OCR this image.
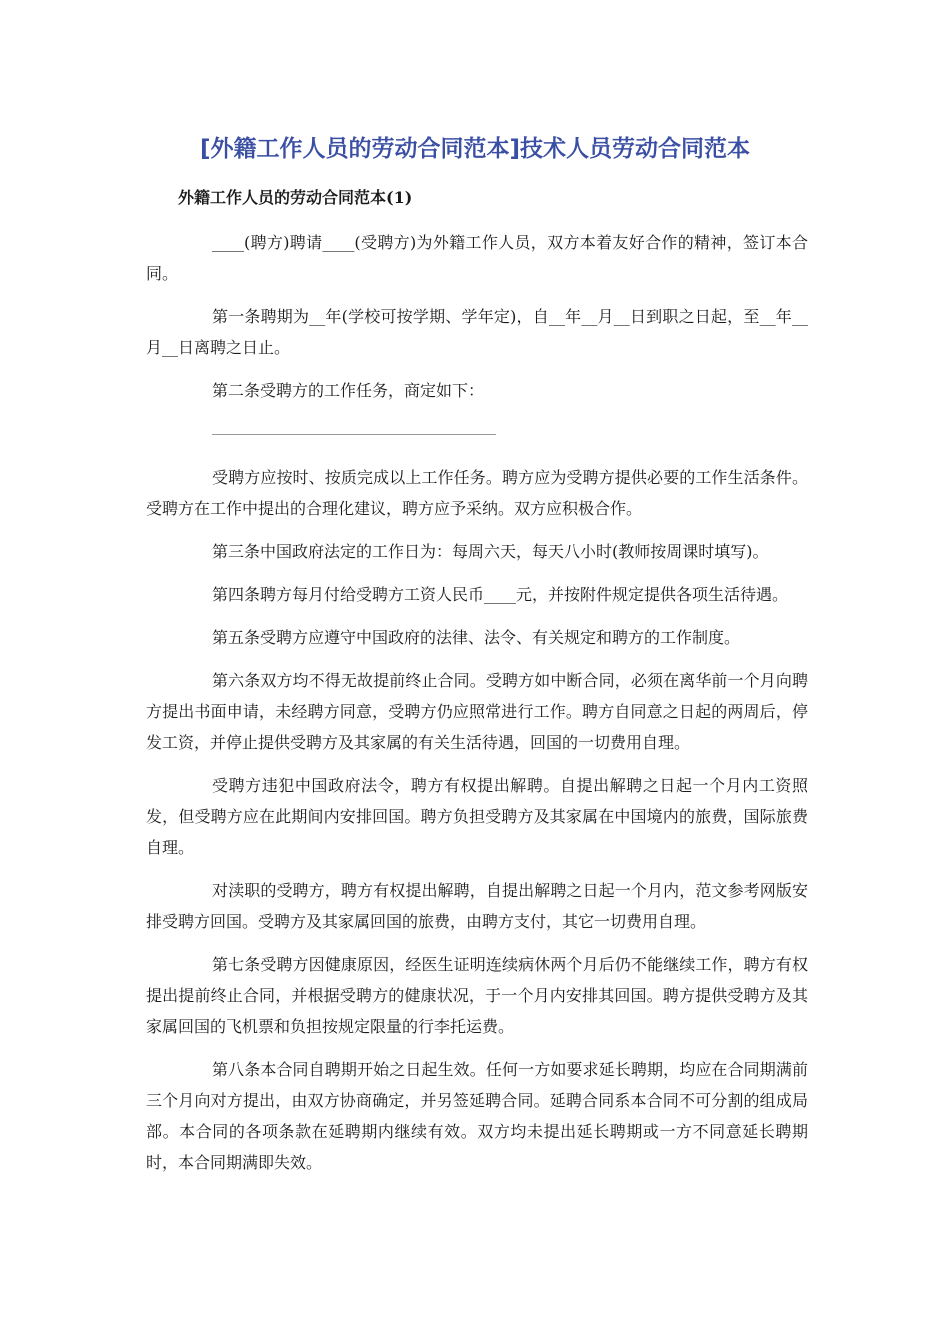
[外籍工作人员的劳动合同范本]技术人员劳动合同范本
外籍工作人员的劳动合同范本(1)

____(聘方)聘请____(受聘方)为外籍工作人员，双方本着友好合作的精神，签订本合同。

第一条聘期为__年(学校可按学期、学年定)，自__年__月__日到职之日起，至__年__月__日离聘之日止。

第二条受聘方的工作任务，商定如下：

受聘方应按时、按质完成以上工作任务。聘方应为受聘方提供必要的工作生活条件。受聘方在工作中提出的合理化建议，聘方应予采纳。双方应积极合作。

第三条中国政府法定的工作日为：每周六天，每天八小时(教师按周课时填写)。

第四条聘方每月付给受聘方工资人民币____元，并按附件规定提供各项生活待遇。

第五条受聘方应遵守中国政府的法律、法令、有关规定和聘方的工作制度。

第六条双方均不得无故提前终止合同。受聘方如中断合同，必须在离华前一个月向聘方提出书面申请，未经聘方同意，受聘方仍应照常进行工作。聘方自同意之日起的两周后，停发工资，并停止提供受聘方及其家属的有关生活待遇，回国的一切费用自理。

受聘方违犯中国政府法令，聘方有权提出解聘。自提出解聘之日起一个月内工资照发，但受聘方应在此期间内安排回国。聘方负担受聘方及其家属在中国境内的旅费，国际旅费自理。

对渎职的受聘方，聘方有权提出解聘，自提出解聘之日起一个月内，范文参考网版安排受聘方回国。受聘方及其家属回国的旅费，由聘方支付，其它一切费用自理。

第七条受聘方因健康原因，经医生证明连续病休两个月后仍不能继续工作，聘方有权提出提前终止合同，并根据受聘方的健康状况，于一个月内安排其回国。聘方提供受聘方及其家属回国的飞机票和负担按规定限量的行李托运费。

第八条本合同自聘期开始之日起生效。任何一方如要求延长聘期，均应在合同期满前三个月向对方提出，由双方协商确定，并另签延聘合同。延聘合同系本合同不可分割的组成局部。本合同的各项条款在延聘期内继续有效。双方均未提出延长聘期或一方不同意延长聘期时，本合同期满即失效。
